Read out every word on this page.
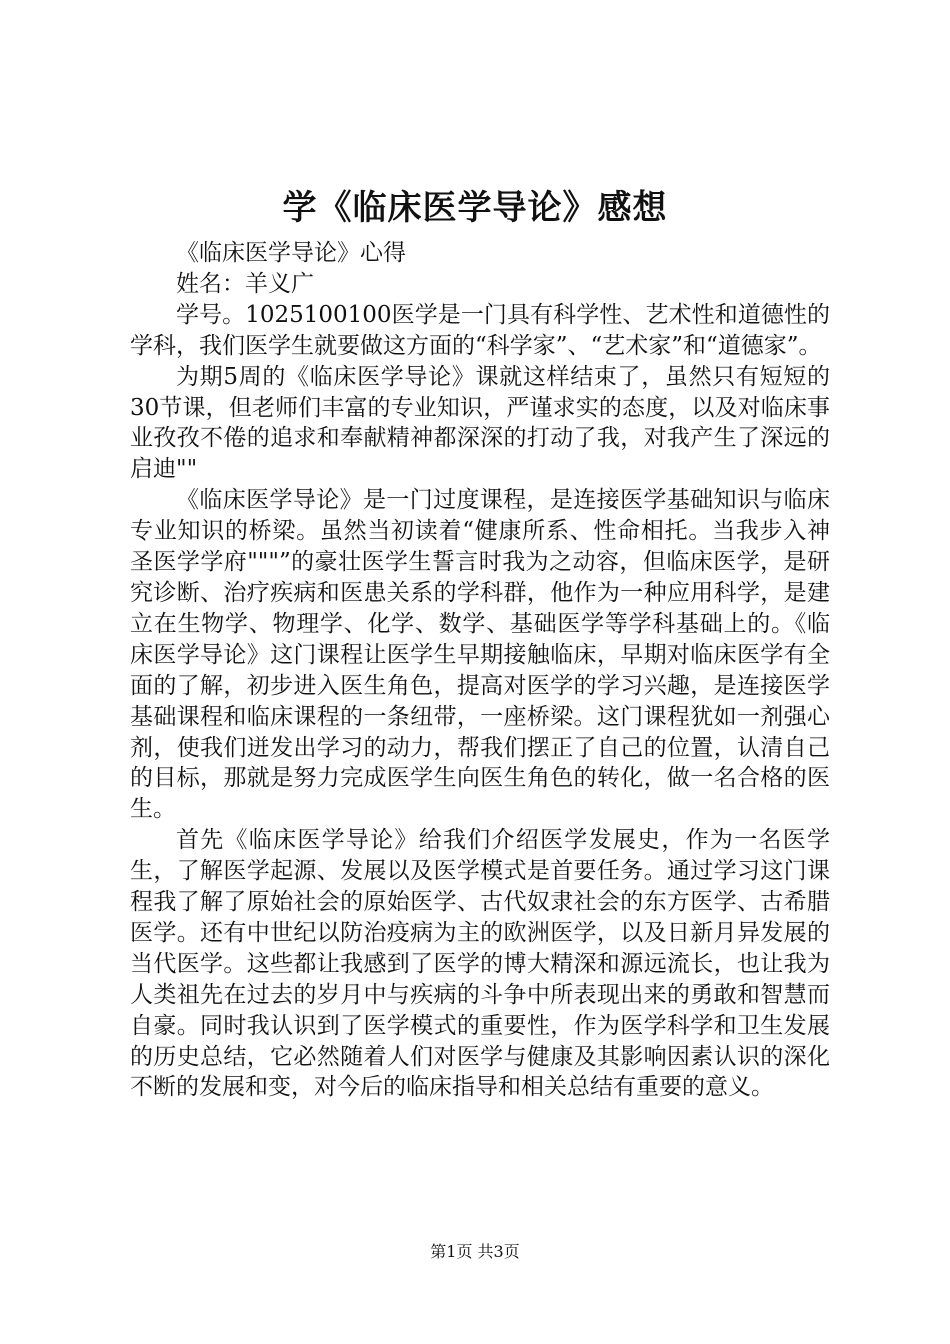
学《临床医学导论》感想

《临床医学导论》心得

姓名：羊义广

学号。1025100100医学是一门具有科学性、艺术性和道德性的学科，我们医学生就要做这方面的“科学家”、“艺术家”和“道德家”。

为期5周的《临床医学导论》课就这样结束了，虽然只有短短的30节课，但老师们丰富的专业知识，严谨求实的态度，以及对临床事业孜孜不倦的追求和奉献精神都深深的打动了我，对我产生了深远的启迪""

《临床医学导论》是一门过度课程，是连接医学基础知识与临床专业知识的桥梁。虽然当初读着“健康所系、性命相托。当我步入神圣医学学府"""”的豪壮医学生誓言时我为之动容，但临床医学，是研究诊断、治疗疾病和医患关系的学科群，他作为一种应用科学，是建立在生物学、物理学、化学、数学、基础医学等学科基础上的。《临床医学导论》这门课程让医学生早期接触临床，早期对临床医学有全面的了解，初步进入医生角色，提高对医学的学习兴趣，是连接医学基础课程和临床课程的一条纽带，一座桥梁。这门课程犹如一剂强心剂，使我们迸发出学习的动力，帮我们摆正了自己的位置，认清自己的目标，那就是努力完成医学生向医生角色的转化，做一名合格的医生。

首先《临床医学导论》给我们介绍医学发展史，作为一名医学生，了解医学起源、发展以及医学模式是首要任务。通过学习这门课程我了解了原始社会的原始医学、古代奴隶社会的东方医学、古希腊医学。还有中世纪以防治疫病为主的欧洲医学，以及日新月异发展的当代医学。这些都让我感到了医学的博大精深和源远流长，也让我为人类祖先在过去的岁月中与疾病的斗争中所表现出来的勇敢和智慧而自豪。同时我认识到了医学模式的重要性，作为医学科学和卫生发展的历史总结，它必然随着人们对医学与健康及其影响因素认识的深化不断的发展和变，对今后的临床指导和相关总结有重要的意义。

第1页 共3页
